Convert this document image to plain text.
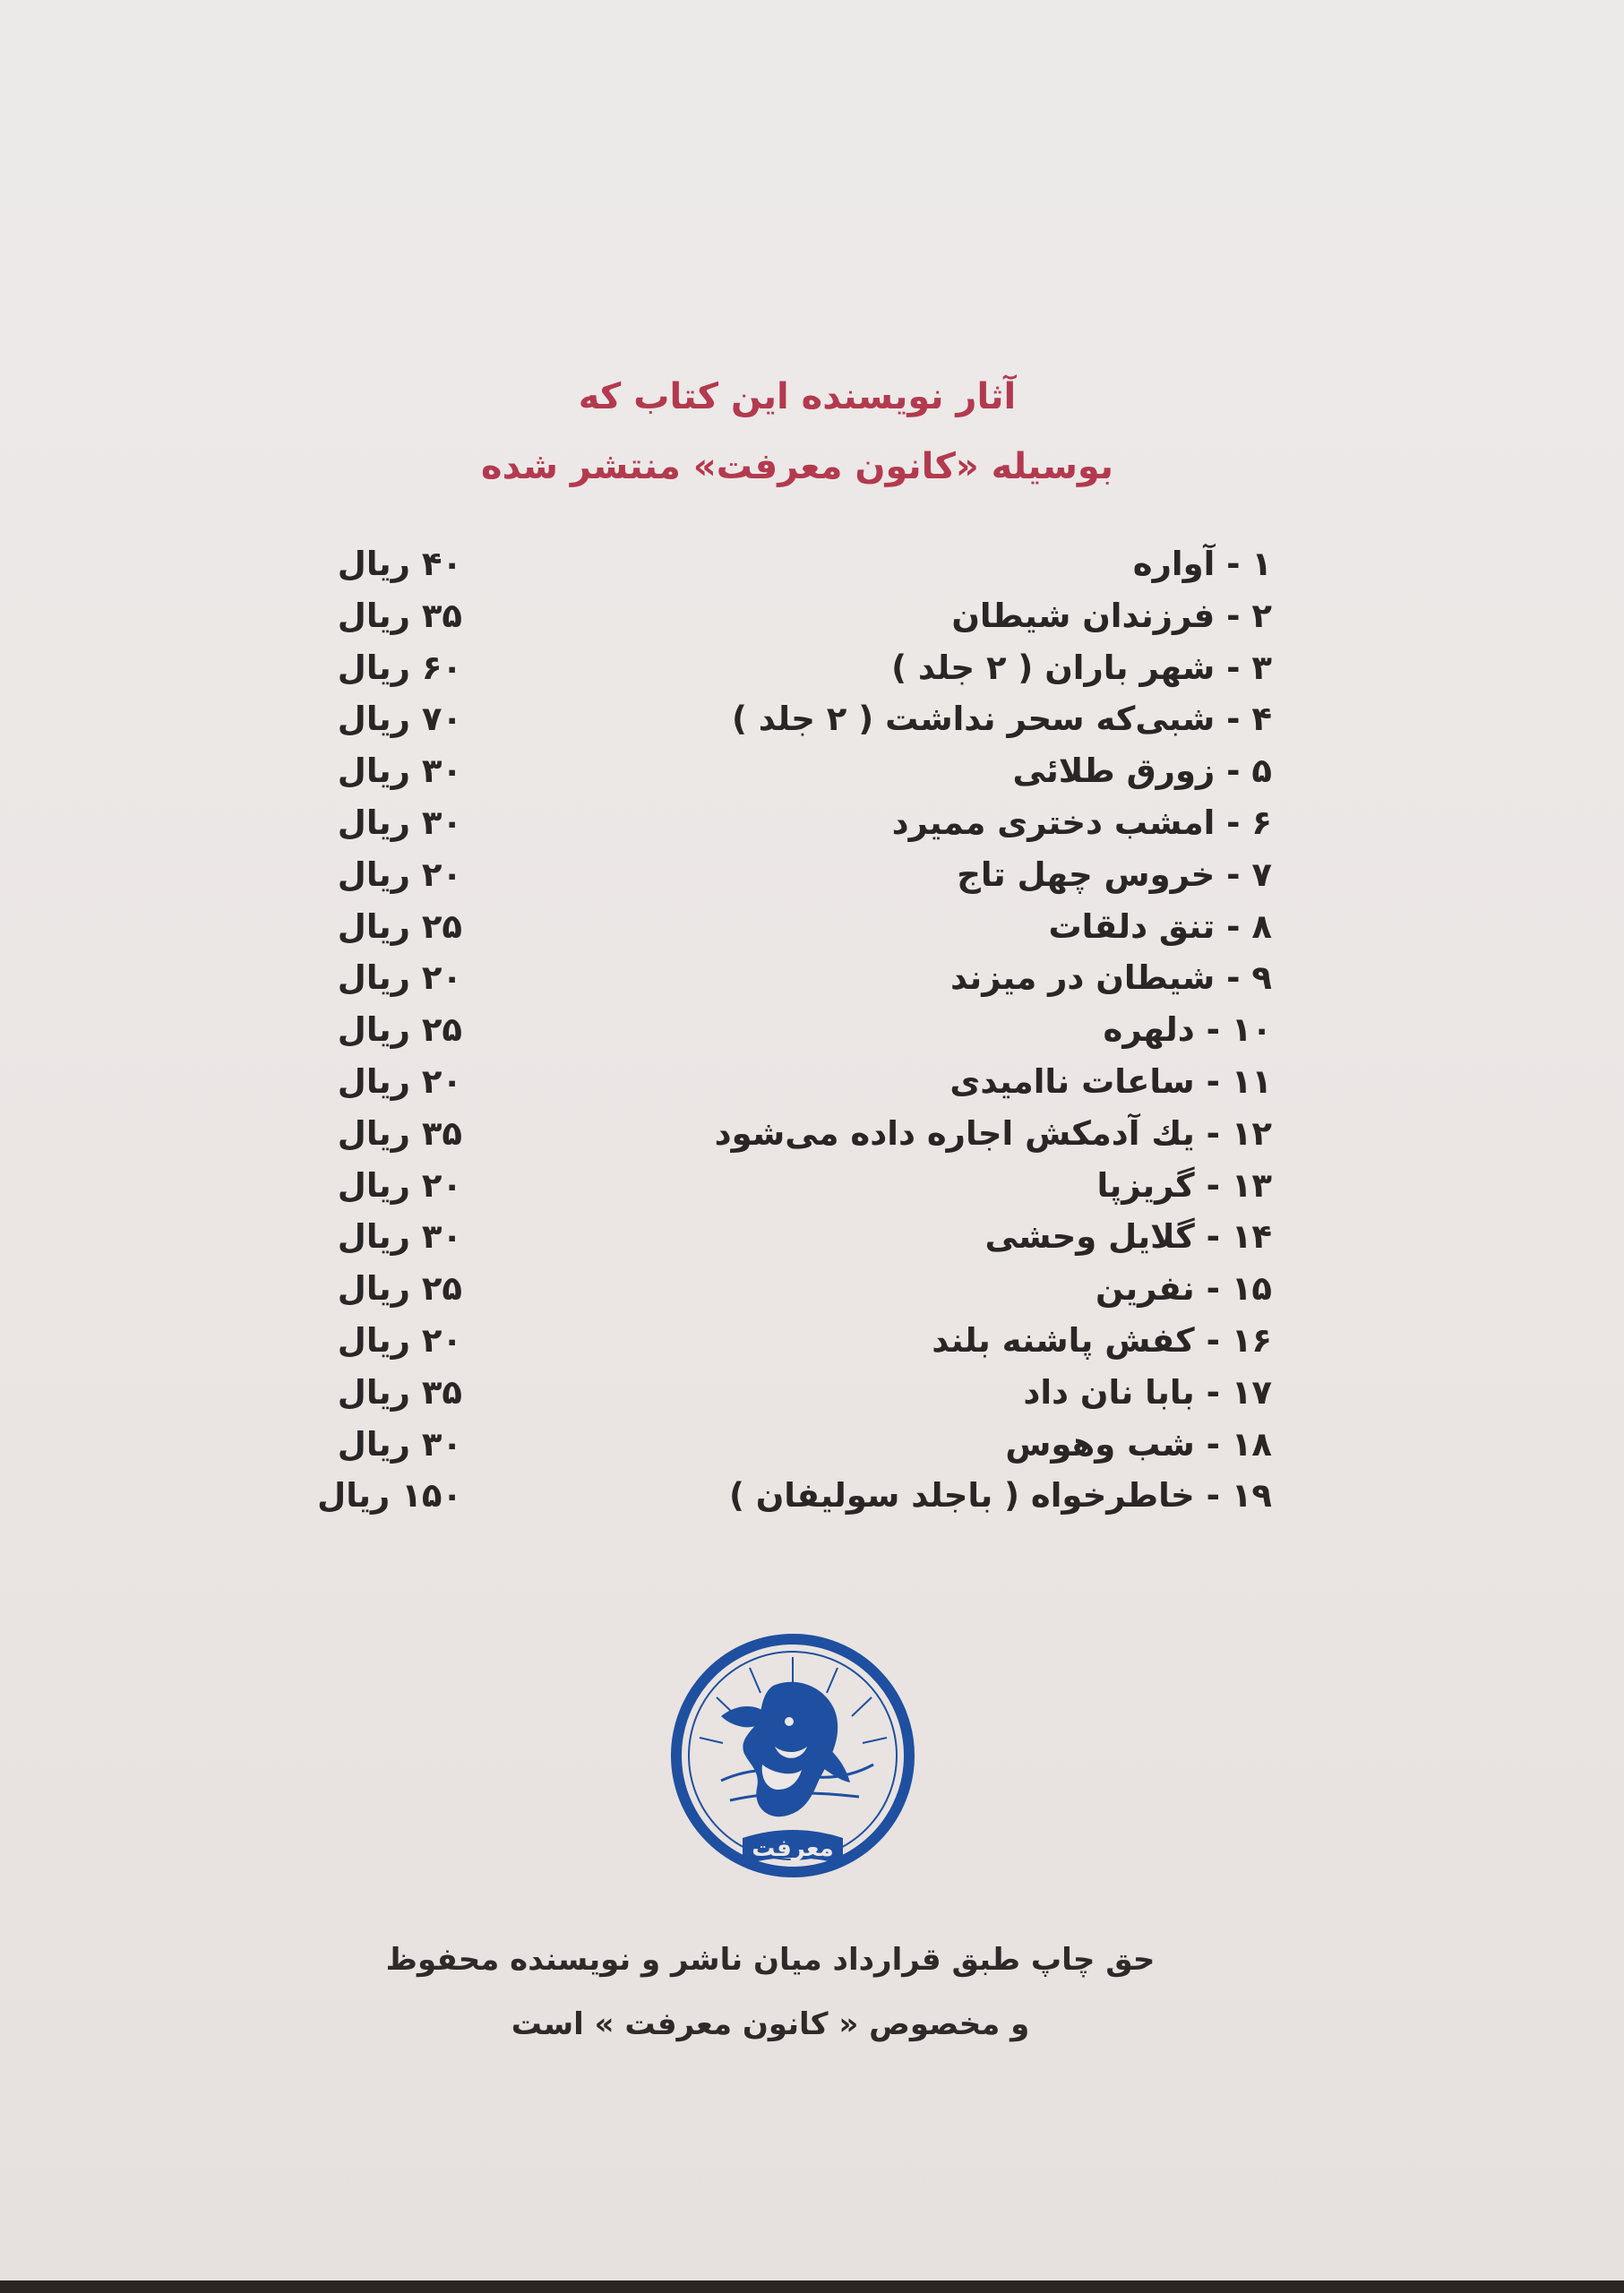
آثار نویسنده این کتاب که
بوسیله «کانون معرفت» منتشر شده
۱ - آواره
۴۰ ریال
۲ - فرزندان شیطان
۳۵ ریال
۳ - شهر باران ( ۲ جلد )
۶۰ ریال
۴ - شبی‌که سحر نداشت ( ۲ جلد )
۷۰ ریال
۵ - زورق طلائی
۳۰ ریال
۶ - امشب دختری ممیرد
۳۰ ریال
۷ - خروس چهل تاج
۲۰ ریال
۸ - تنق دلقات
۲۵ ریال
۹ - شیطان در میزند
۲۰ ریال
۱۰ - دلهره
۲۵ ریال
۱۱ - ساعات ناامیدی
۲۰ ریال
۱۲ - یك آدمکش اجاره داده می‌شود
۳۵ ریال
۱۳ - گریزپا
۲۰ ریال
۱۴ - گلایل وحشی
۳۰ ریال
۱۵ - نفرین
۲۵ ریال
۱۶ - کفش پاشنه بلند
۲۰ ریال
۱۷ - بابا نان داد
۳۵ ریال
۱۸ - شب وهوس
۳۰ ریال
۱۹ - خاطرخواه ( باجلد سولیفان )
۱۵۰ ریال
معرفت
حق چاپ طبق قرارداد میان ناشر و نویسنده محفوظ
و مخصوص « کانون معرفت » است
